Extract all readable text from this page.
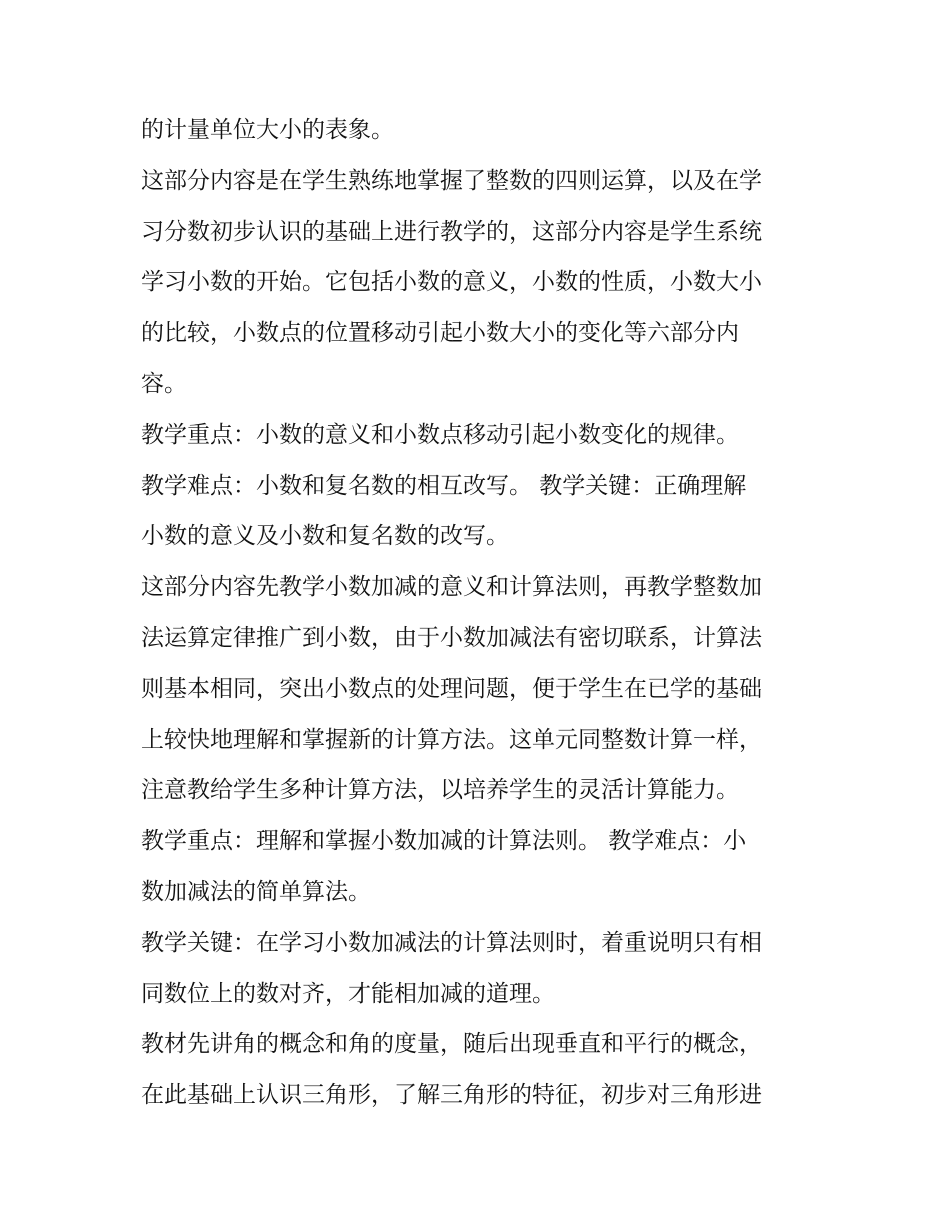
的计量单位大小的表象。
这部分内容是在学生熟练地掌握了整数的四则运算，以及在学
习分数初步认识的基础上进行教学的，这部分内容是学生系统
学习小数的开始。它包括小数的意义，小数的性质，小数大小
的比较，小数点的位置移动引起小数大小的变化等六部分内
容。
教学重点：小数的意义和小数点移动引起小数变化的规律。
教学难点：小数和复名数的相互改写。 教学关键：正确理解
小数的意义及小数和复名数的改写。
这部分内容先教学小数加减的意义和计算法则，再教学整数加
法运算定律推广到小数，由于小数加减法有密切联系，计算法
则基本相同，突出小数点的处理问题，便于学生在已学的基础
上较快地理解和掌握新的计算方法。这单元同整数计算一样，
注意教给学生多种计算方法，以培养学生的灵活计算能力。
教学重点：理解和掌握小数加减的计算法则。 教学难点：小
数加减法的简单算法。
教学关键：在学习小数加减法的计算法则时，着重说明只有相
同数位上的数对齐，才能相加减的道理。
教材先讲角的概念和角的度量，随后出现垂直和平行的概念，
在此基础上认识三角形，了解三角形的特征，初步对三角形进
